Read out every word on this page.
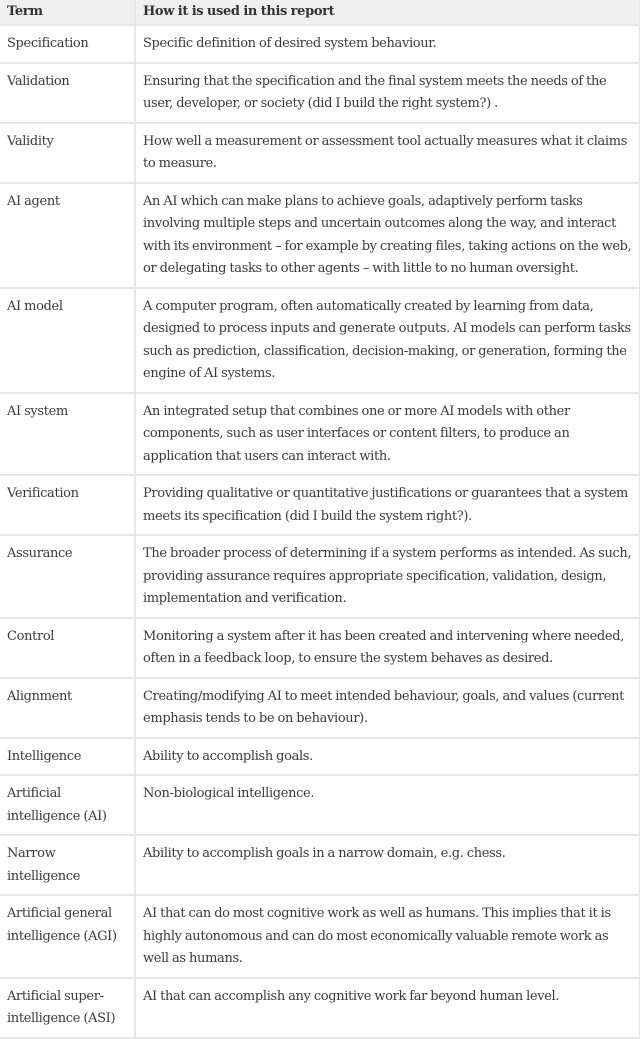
Term	How it is used in this report
Specification	Specific definition of desired system behaviour.
Validation	Ensuring that the specification and the final system meets the needs of the user, developer, or society (did I build the right system?) .
Validity	How well a measurement or assessment tool actually measures what it claims to measure.
AI agent	An AI which can make plans to achieve goals, adaptively perform tasks involving multiple steps and uncertain outcomes along the way, and interact with its environment – for example by creating files, taking actions on the web, or delegating tasks to other agents – with little to no human oversight.
AI model	A computer program, often automatically created by learning from data, designed to process inputs and generate outputs. AI models can perform tasks such as prediction, classification, decision-making, or generation, forming the engine of AI systems.
AI system	An integrated setup that combines one or more AI models with other components, such as user interfaces or content filters, to produce an application that users can interact with.
Verification	Providing qualitative or quantitative justifications or guarantees that a system meets its specification (did I build the system right?).
Assurance	The broader process of determining if a system performs as intended. As such, providing assurance requires appropriate specification, validation, design, implementation and verification.
Control	Monitoring a system after it has been created and intervening where needed, often in a feedback loop, to ensure the system behaves as desired.
Alignment	Creating/modifying AI to meet intended behaviour, goals, and values (current emphasis tends to be on behaviour).
Intelligence	Ability to accomplish goals.
Artificial intelligence (AI)	Non-biological intelligence.
Narrow intelligence	Ability to accomplish goals in a narrow domain, e.g. chess.
Artificial general intelligence (AGI)	AI that can do most cognitive work as well as humans. This implies that it is highly autonomous and can do most economically valuable remote work as well as humans.
Artificial super-intelligence (ASI)	AI that can accomplish any cognitive work far beyond human level.
